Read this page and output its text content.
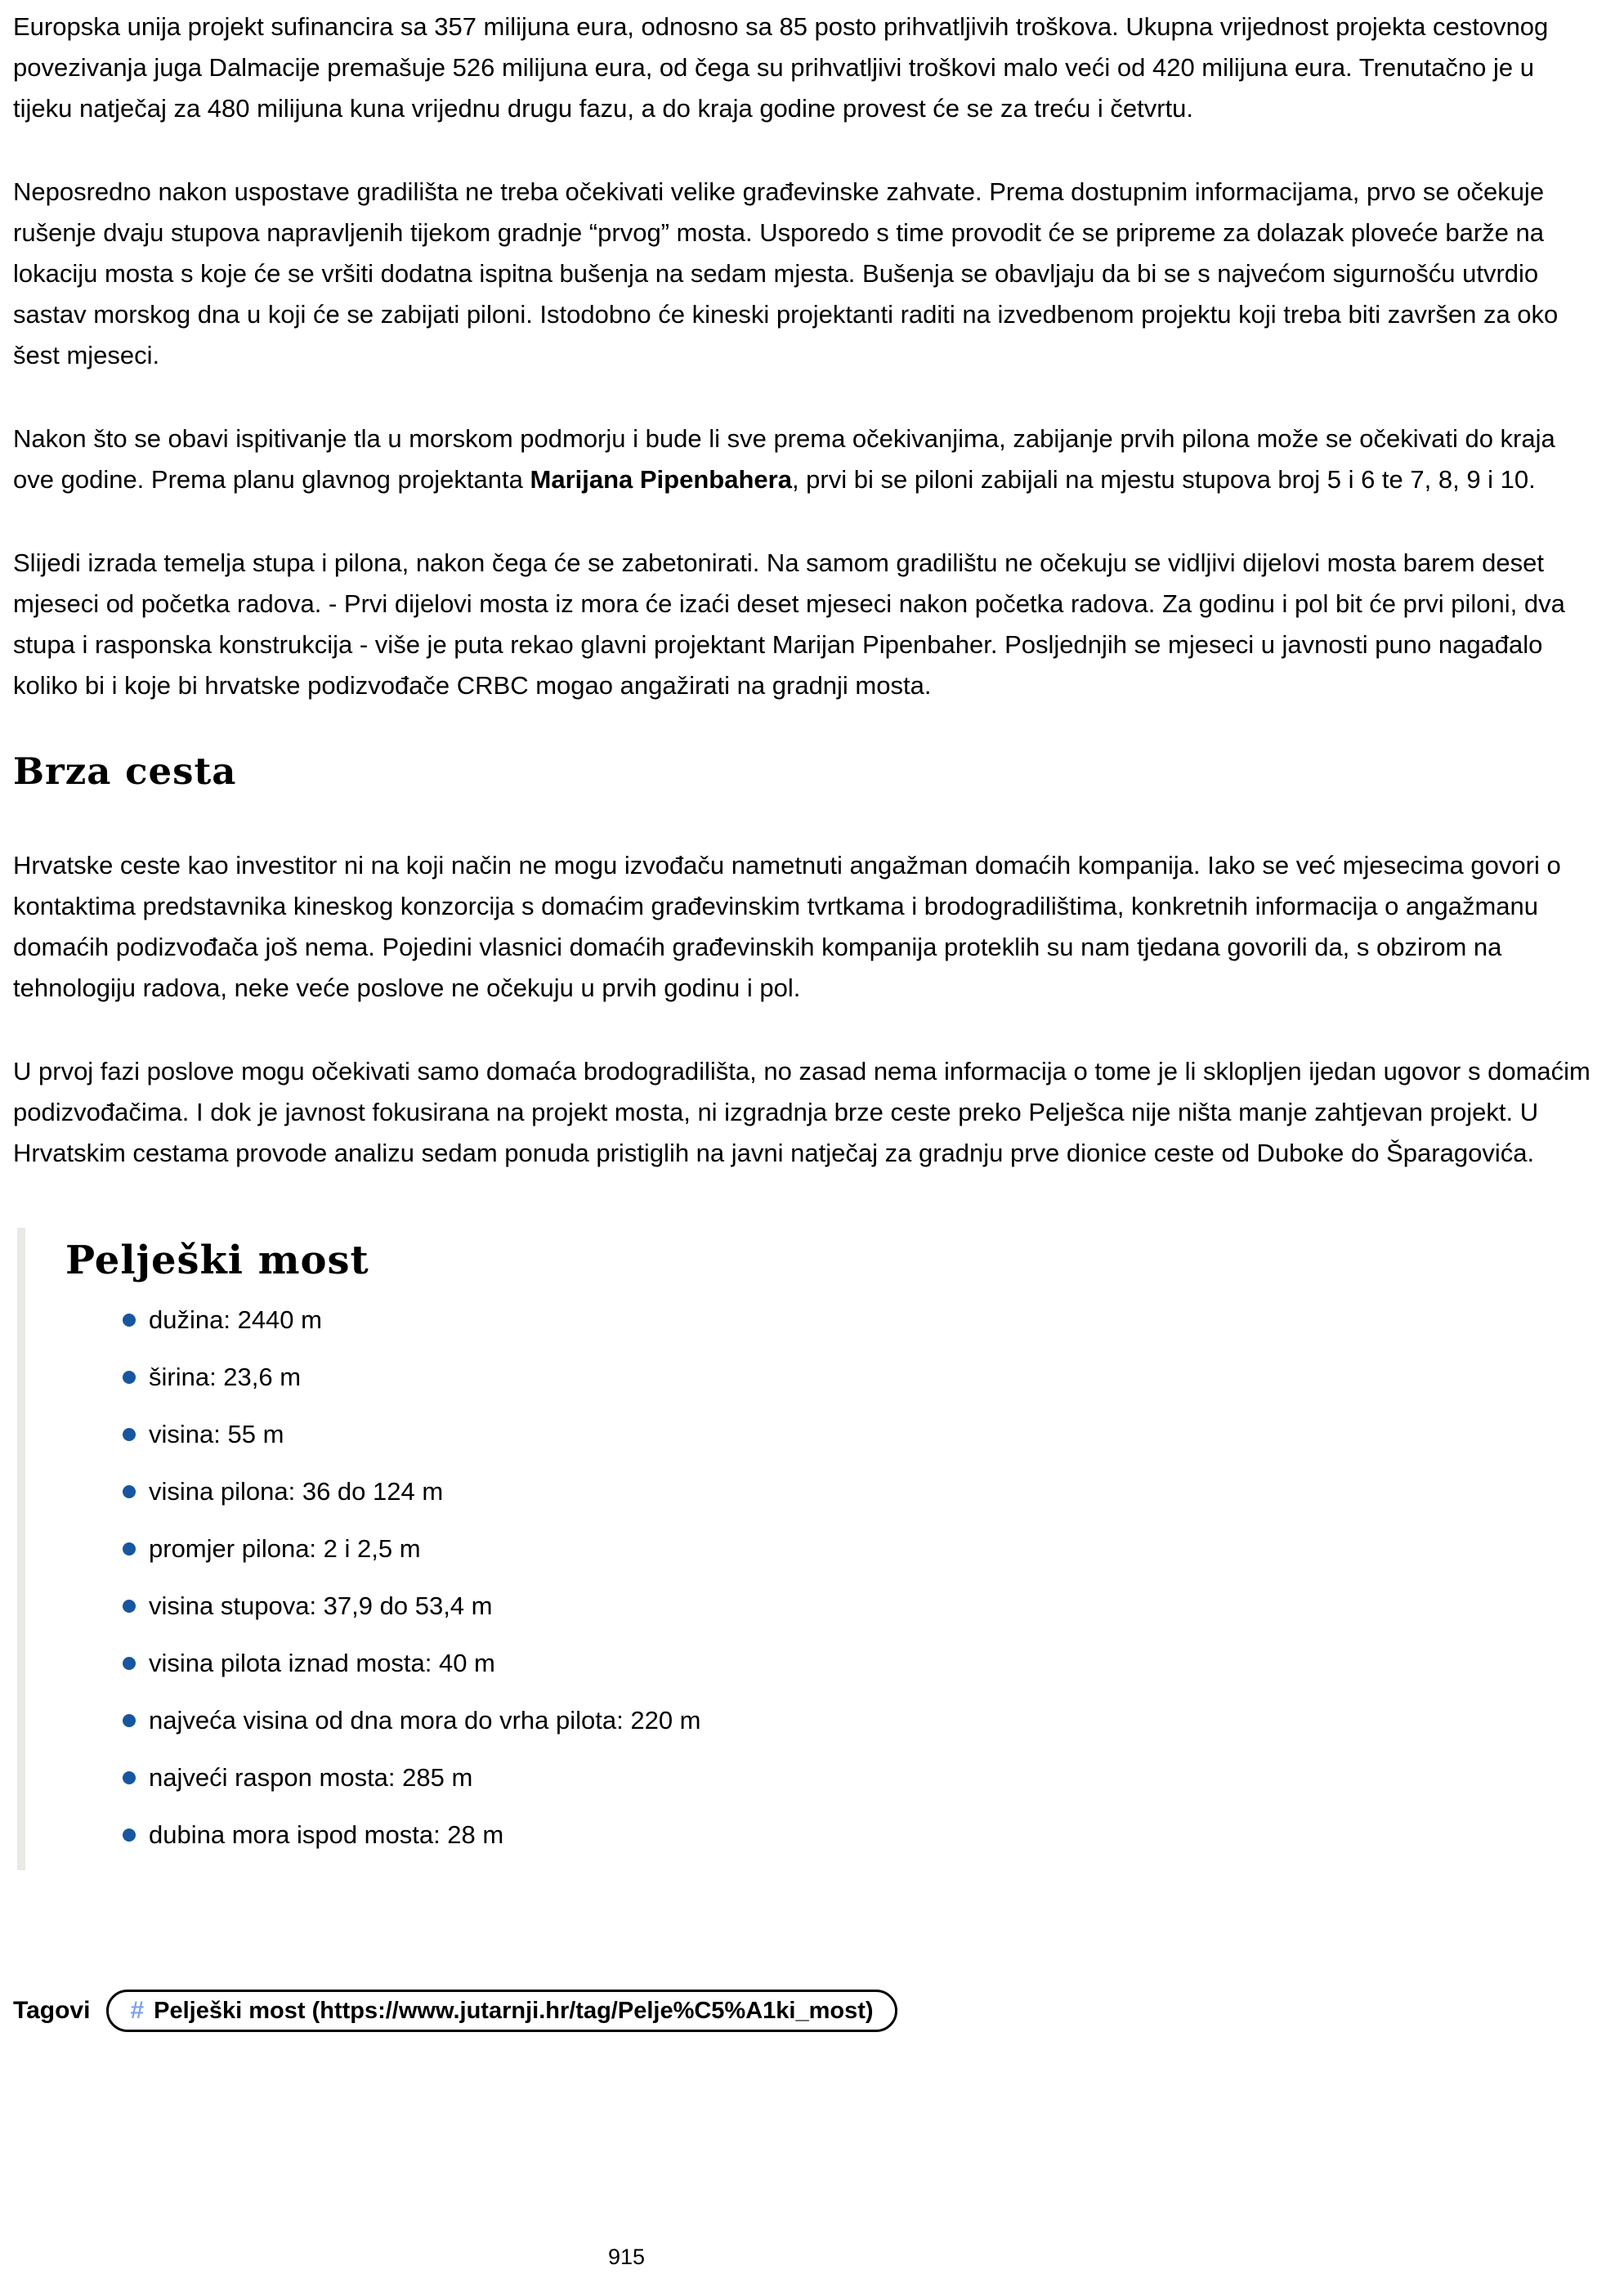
Europska unija projekt sufinancira sa 357 milijuna eura, odnosno sa 85 posto prihvatljivih troškova. Ukupna vrijednost projekta cestovnog povezivanja juga Dalmacije premašuje 526 milijuna eura, od čega su prihvatljivi troškovi malo veći od 420 milijuna eura. Trenutačno je u tijeku natječaj za 480 milijuna kuna vrijednu drugu fazu, a do kraja godine provest će se za treću i četvrtu.

Neposredno nakon uspostave gradilišta ne treba očekivati velike građevinske zahvate. Prema dostupnim informacijama, prvo se očekuje rušenje dvaju stupova napravljenih tijekom gradnje “prvog” mosta. Usporedo s time provodit će se pripreme za dolazak ploveće barže na lokaciju mosta s koje će se vršiti dodatna ispitna bušenja na sedam mjesta. Bušenja se obavljaju da bi se s najvećom sigurnošću utvrdio sastav morskog dna u koji će se zabijati piloni. Istodobno će kineski projektanti raditi na izvedbenom projektu koji treba biti završen za oko šest mjeseci.

Nakon što se obavi ispitivanje tla u morskom podmorju i bude li sve prema očekivanjima, zabijanje prvih pilona može se očekivati do kraja ove godine. Prema planu glavnog projektanta Marijana Pipenbahera, prvi bi se piloni zabijali na mjestu stupova broj 5 i 6 te 7, 8, 9 i 10.

Slijedi izrada temelja stupa i pilona, nakon čega će se zabetonirati. Na samom gradilištu ne očekuju se vidljivi dijelovi mosta barem deset mjeseci od početka radova. - Prvi dijelovi mosta iz mora će izaći deset mjeseci nakon početka radova. Za godinu i pol bit će prvi piloni, dva stupa i rasponska konstrukcija - više je puta rekao glavni projektant Marijan Pipenbaher. Posljednjih se mjeseci u javnosti puno nagađalo koliko bi i koje bi hrvatske podizvođače CRBC mogao angažirati na gradnji mosta.

Brza cesta

Hrvatske ceste kao investitor ni na koji način ne mogu izvođaču nametnuti angažman domaćih kompanija. Iako se već mjesecima govori o kontaktima predstavnika kineskog konzorcija s domaćim građevinskim tvrtkama i brodogradilištima, konkretnih informacija o angažmanu domaćih podizvođača još nema. Pojedini vlasnici domaćih građevinskih kompanija proteklih su nam tjedana govorili da, s obzirom na tehnologiju radova, neke veće poslove ne očekuju u prvih godinu i pol.

U prvoj fazi poslove mogu očekivati samo domaća brodogradilišta, no zasad nema informacija o tome je li sklopljen ijedan ugovor s domaćim podizvođačima. I dok je javnost fokusirana na projekt mosta, ni izgradnja brze ceste preko Pelješca nije ništa manje zahtjevan projekt. U Hrvatskim cestama provode analizu sedam ponuda pristiglih na javni natječaj za gradnju prve dionice ceste od Duboke do Šparagovića.

Pelješki most
dužina: 2440 m
širina: 23,6 m
visina: 55 m
visina pilona: 36 do 124 m
promjer pilona: 2 i 2,5 m
visina stupova: 37,9 do 53,4 m
visina pilota iznad mosta: 40 m
najveća visina od dna mora do vrha pilota: 220 m
najveći raspon mosta: 285 m
dubina mora ispod mosta: 28 m
Tagovi # Pelješki most (https://www.jutarnji.hr/tag/Pelje%C5%A1ki_most)
915
